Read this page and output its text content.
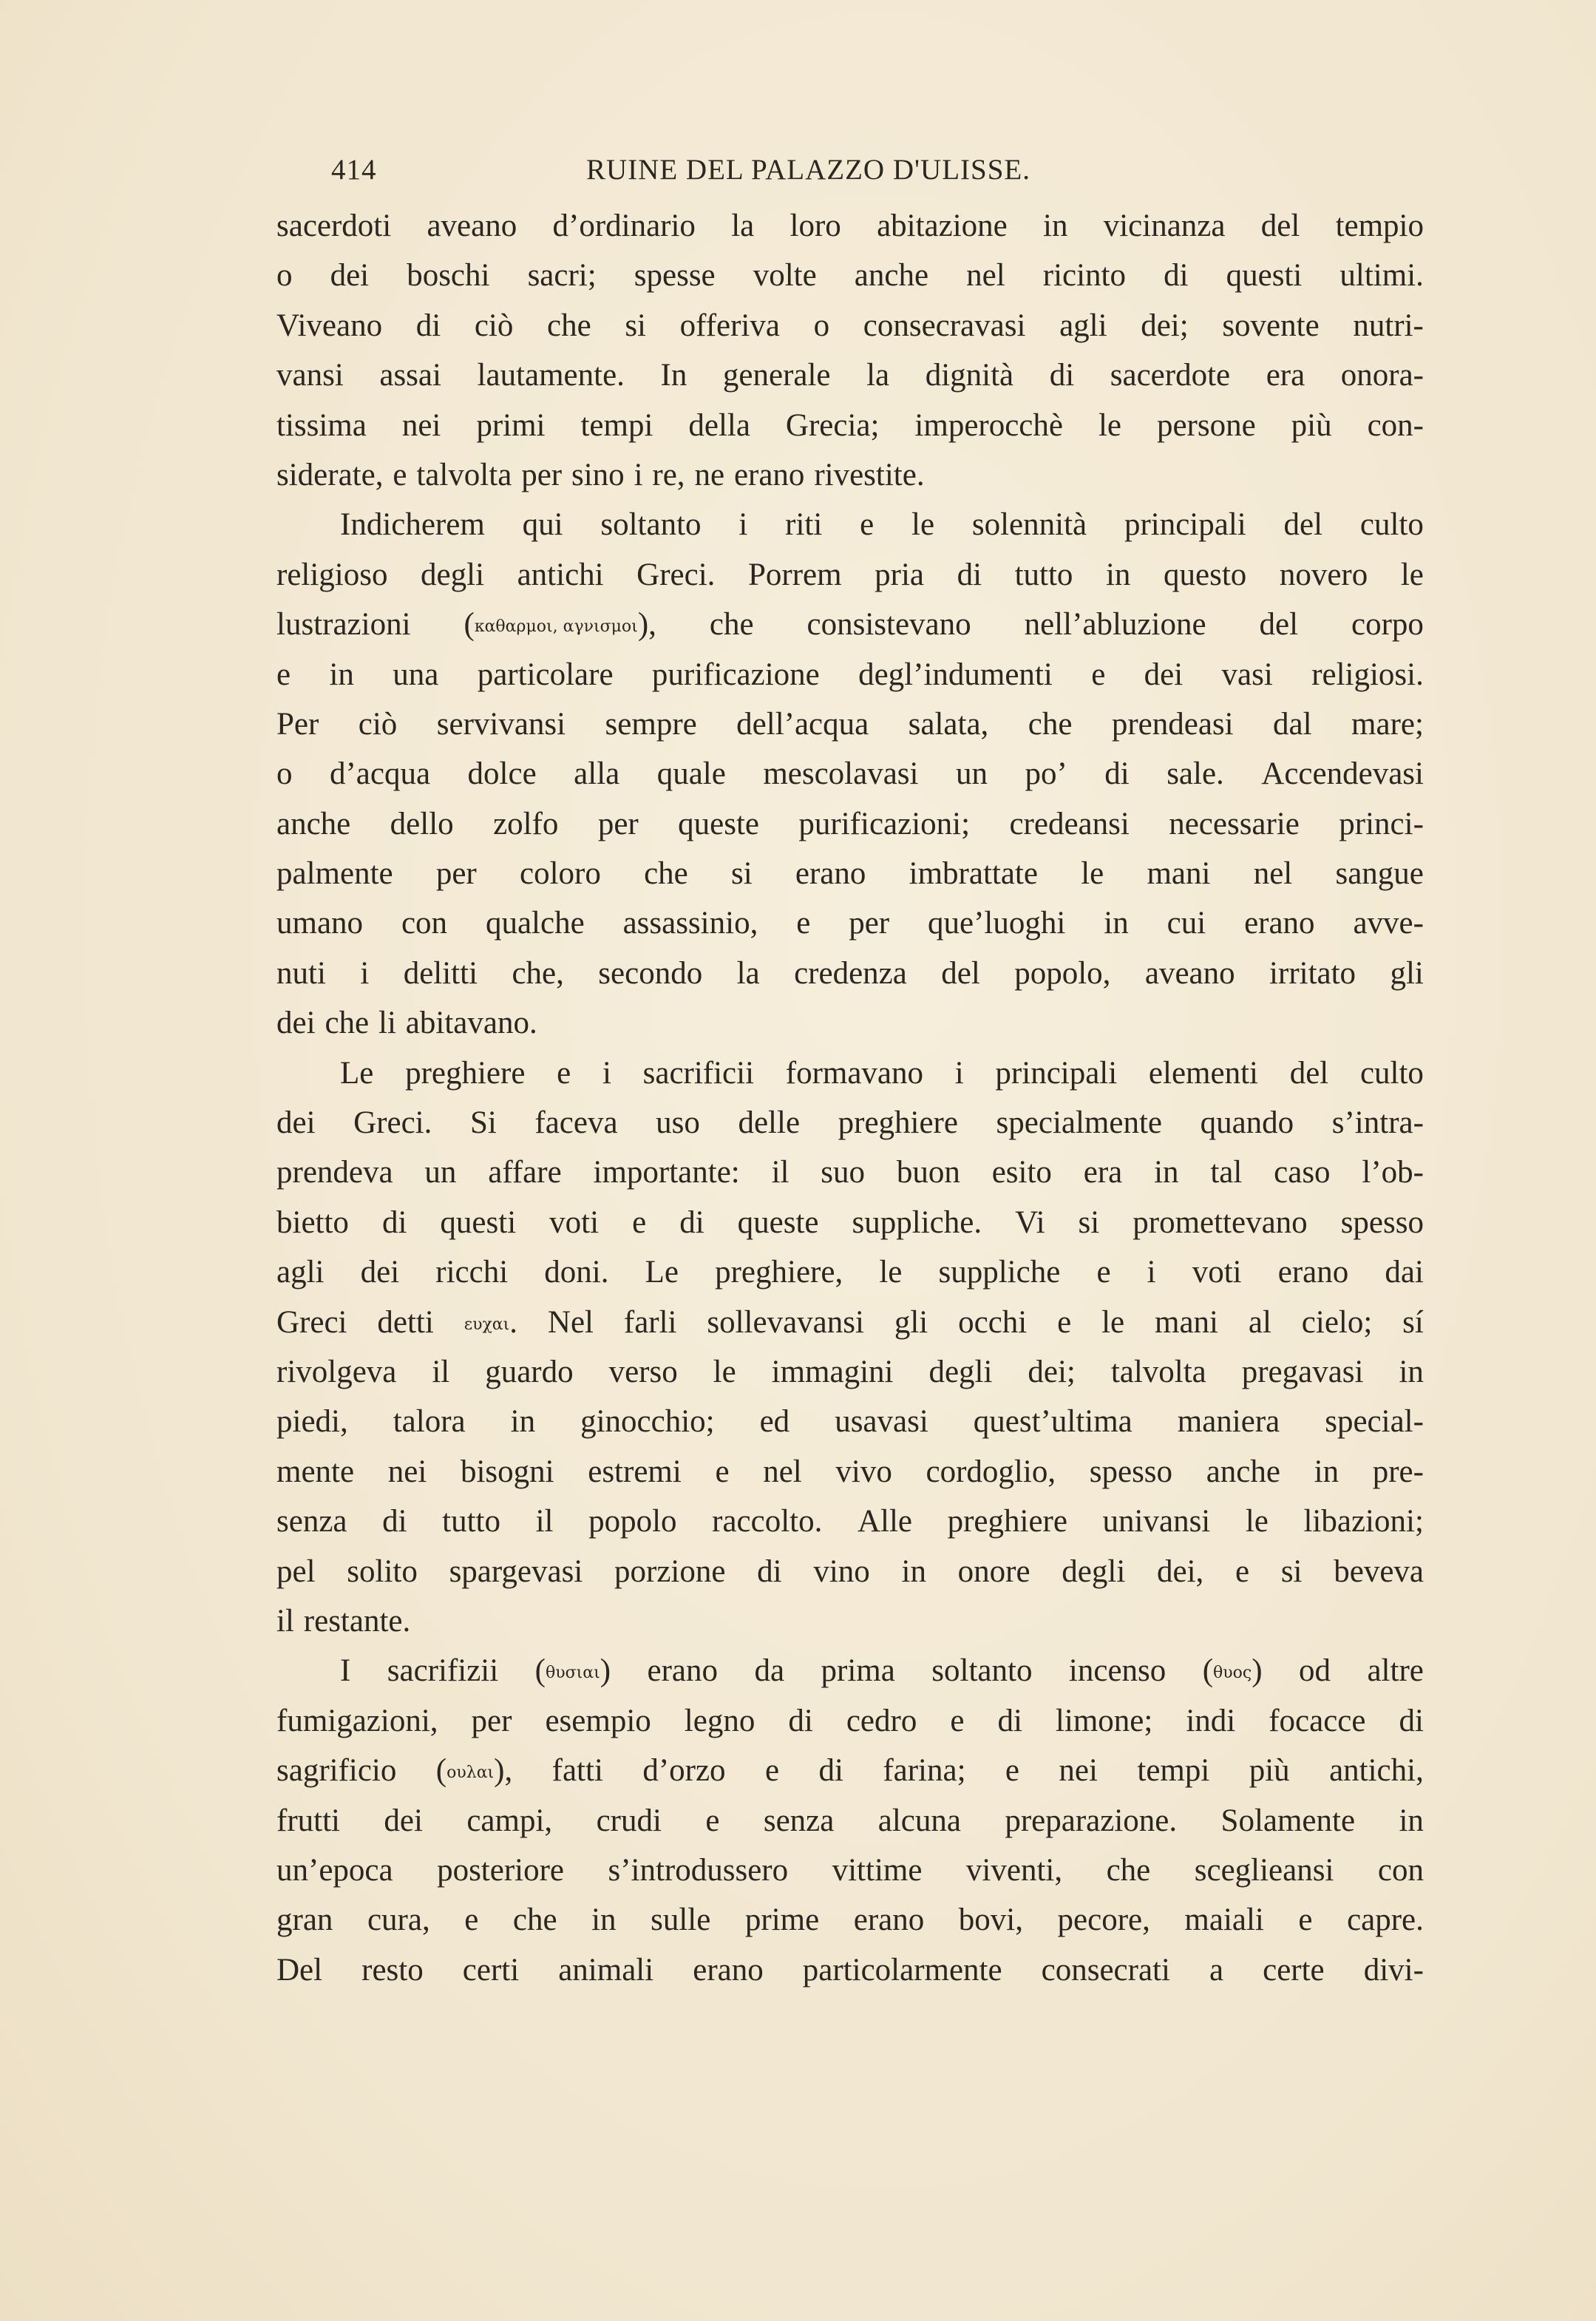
414	RUINE DEL PALAZZO D'ULISSE.
sacerdoti aveano d’ordinario la loro abitazione in vicinanza del tempio
o dei boschi sacri; spesse volte anche nel ricinto di questi ultimi.
Viveano di ciò che si offeriva o consecravasi agli dei; sovente nutri-
vansi assai lautamente. In generale la dignità di sacerdote era onora-
tissima nei primi tempi della Grecia; imperocchè le persone più con-
siderate, e talvolta per sino i re, ne erano rivestite.
Indicherem qui soltanto i riti e le solennità principali del culto
religioso degli antichi Greci. Porrem pria di tutto in questo novero le
lustrazioni (καθαρμοι, αγνισμοι), che consistevano nell’abluzione del corpo
e in una particolare purificazione degl’indumenti e dei vasi religiosi.
Per ciò servivansi sempre dell’acqua salata, che prendeasi dal mare;
o d’acqua dolce alla quale mescolavasi un po’ di sale. Accendevasi
anche dello zolfo per queste purificazioni; credeansi necessarie princi-
palmente per coloro che si erano imbrattate le mani nel sangue
umano con qualche assassinio, e per que’luoghi in cui erano avve-
nuti i delitti che, secondo la credenza del popolo, aveano irritato gli
dei che li abitavano.
Le preghiere e i sacrificii formavano i principali elementi del culto
dei Greci. Si faceva uso delle preghiere specialmente quando s’intra-
prendeva un affare importante: il suo buon esito era in tal caso l’ob-
bietto di questi voti e di queste suppliche. Vi si promettevano spesso
agli dei ricchi doni. Le preghiere, le suppliche e i voti erano dai
Greci detti ευχαι. Nel farli sollevavansi gli occhi e le mani al cielo; sí
rivolgeva il guardo verso le immagini degli dei; talvolta pregavasi in
piedi, talora in ginocchio; ed usavasi quest’ultima maniera special-
mente nei bisogni estremi e nel vivo cordoglio, spesso anche in pre-
senza di tutto il popolo raccolto. Alle preghiere univansi le libazioni;
pel solito spargevasi porzione di vino in onore degli dei, e si beveva
il restante.
I sacrifizii (θυσιαι) erano da prima soltanto incenso (θυος) od altre
fumigazioni, per esempio legno di cedro e di limone; indi focacce di
sagrificio (ουλαι), fatti d’orzo e di farina; e nei tempi più antichi,
frutti dei campi, crudi e senza alcuna preparazione. Solamente in
un’epoca posteriore s’introdussero vittime viventi, che sceglieansi con
gran cura, e che in sulle prime erano bovi, pecore, maiali e capre.
Del resto certi animali erano particolarmente consecrati a certe divi-
